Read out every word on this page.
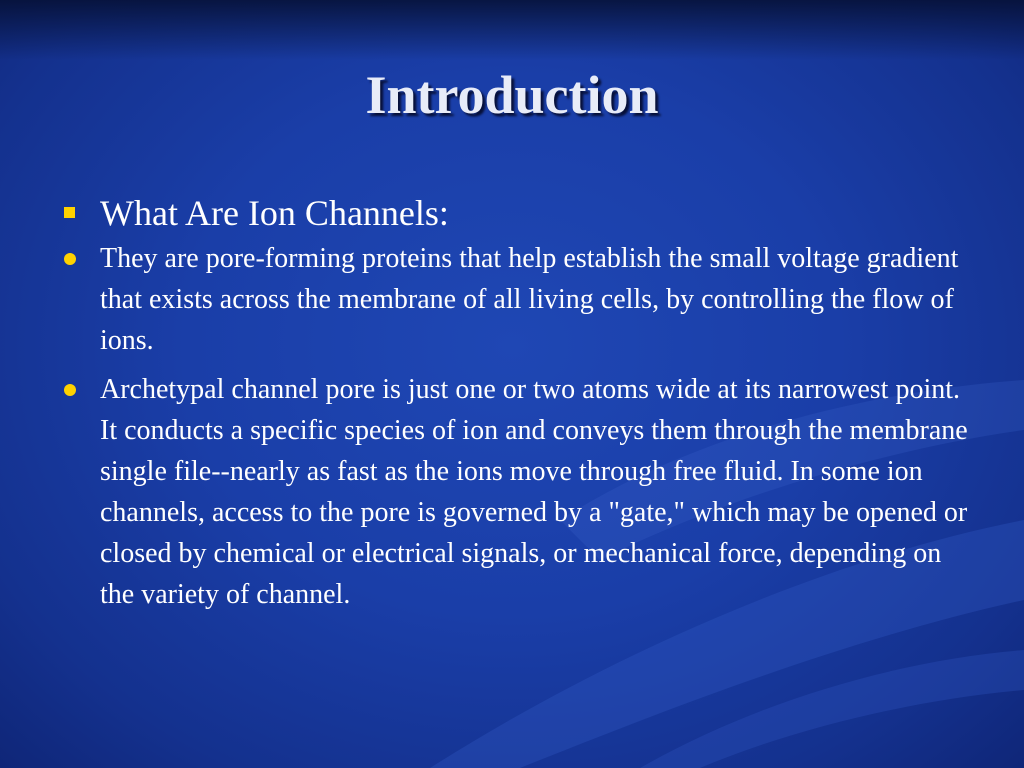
Introduction
What Are Ion Channels:
They are pore-forming proteins that help establish the small voltage gradient that exists across the membrane of all living cells, by controlling the flow of ions.
Archetypal channel pore is just one or two atoms wide at its narrowest point. It conducts a specific species of ion and conveys them through the membrane single file--nearly as fast as the ions move through free fluid. In some ion channels, access to the pore is governed by a "gate," which may be opened or closed by chemical or electrical signals, or mechanical force, depending on the variety of channel.
